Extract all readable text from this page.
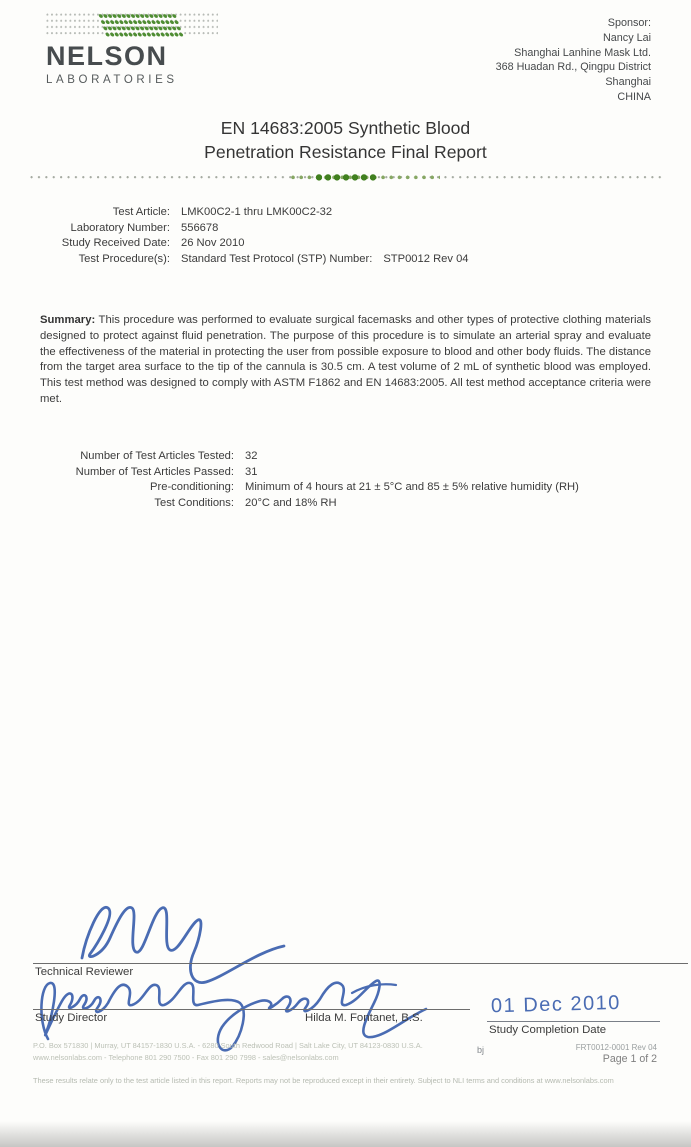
NELSON
LABORATORIES
Sponsor:
Nancy Lai
Shanghai Lanhine Mask Ltd.
368 Huadan Rd., Qingpu District
Shanghai
CHINA
EN 14683:2005 Synthetic Blood
Penetration Resistance Final Report
Test Article: LMK00C2-1 thru LMK00C2-32
Laboratory Number: 556678
Study Received Date: 26 Nov 2010
Test Procedure(s): Standard Test Protocol (STP) Number: STP0012 Rev 04

Summary: This procedure was performed to evaluate surgical facemasks and other types of protective clothing materials designed to protect against fluid penetration. The purpose of this procedure is to simulate an arterial spray and evaluate the effectiveness of the material in protecting the user from possible exposure to blood and other body fluids. The distance from the target area surface to the tip of the cannula is 30.5 cm. A test volume of 2 mL of synthetic blood was employed. This test method was designed to comply with ASTM F1862 and EN 14683:2005. All test method acceptance criteria were met.

Number of Test Articles Tested: 32
Number of Test Articles Passed: 31
Pre-conditioning: Minimum of 4 hours at 21 ± 5°C and 85 ± 5% relative humidity (RH)
Test Conditions: 20°C and 18% RH
Technical Reviewer
Study Director	Hilda M. Fontanet, B.S.
01 Dec 2010
Study Completion Date
P.O. Box 571830 | Murray, UT 84157-1830 U.S.A. - 6280 South Redwood Road | Salt Lake City, UT 84123-0830 U.S.A.
www.nelsonlabs.com - Telephone 801 290 7500 - Fax 801 290 7998 - sales@nelsonlabs.com
bj	FRT0012-0001 Rev 04
Page 1 of 2
These results relate only to the test article listed in this report. Reports may not be reproduced except in their entirety. Subject to NLI terms and conditions at www.nelsonlabs.com
